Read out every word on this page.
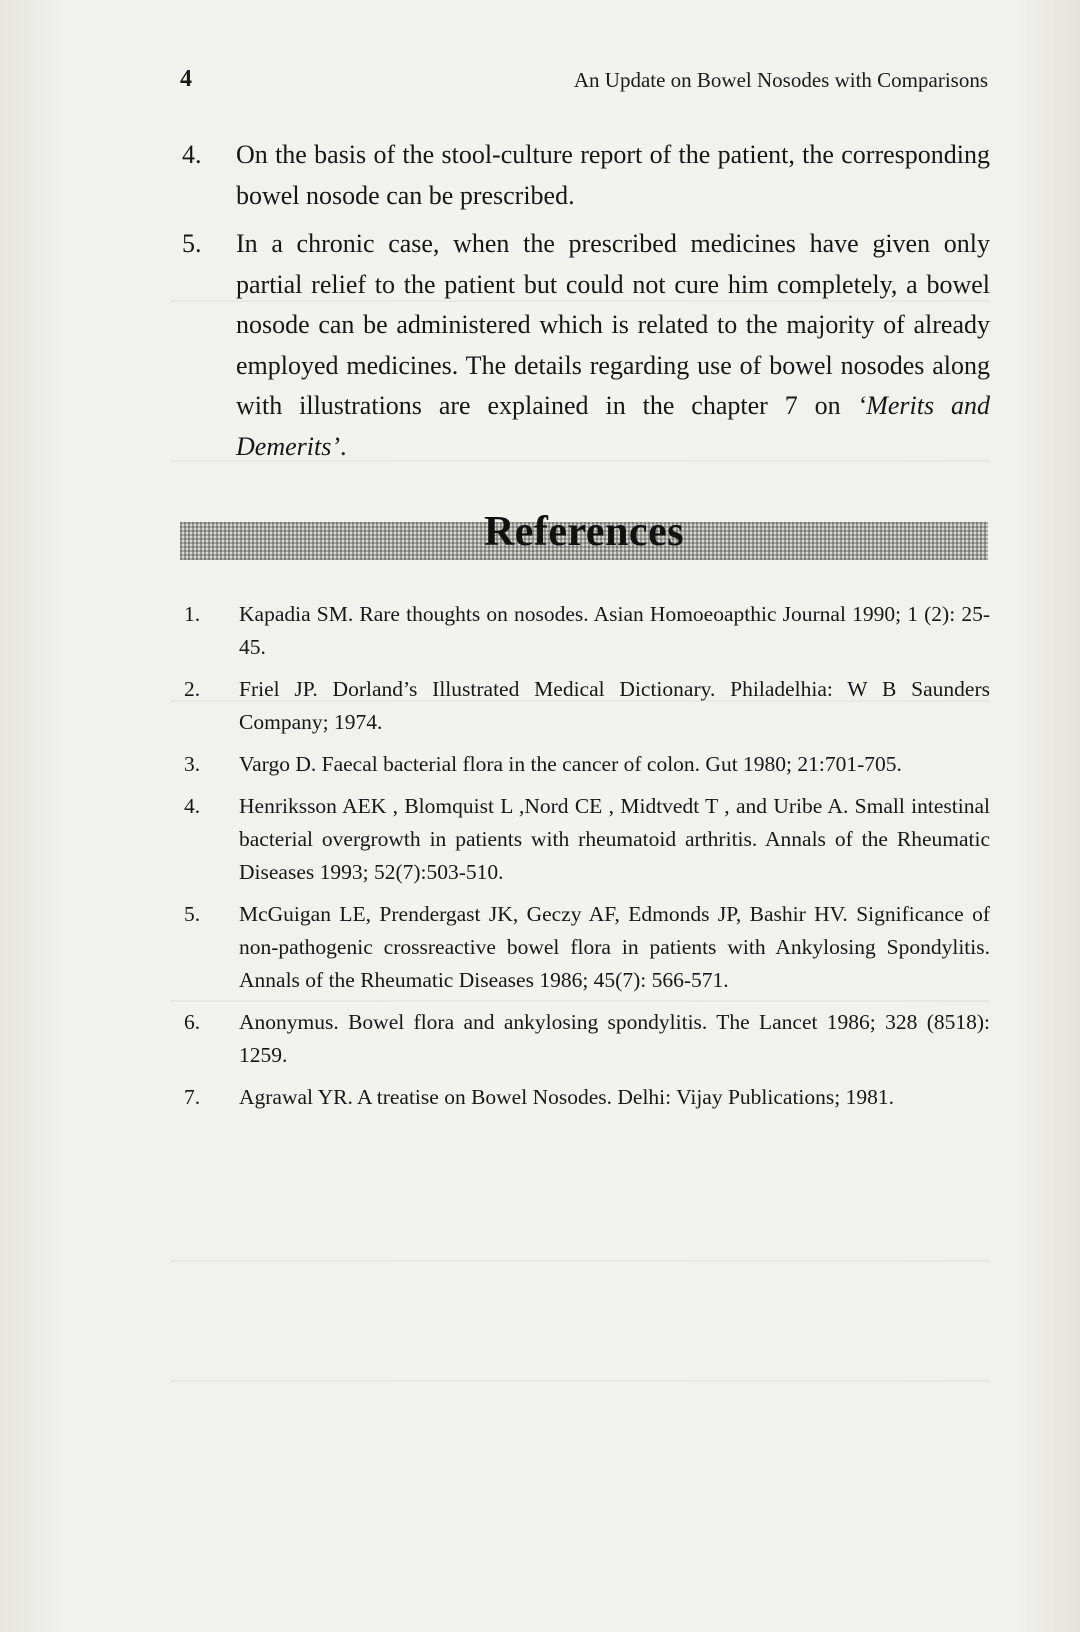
4	An Update on Bowel Nosodes with Comparisons
4. On the basis of the stool-culture report of the patient, the corresponding bowel nosode can be prescribed.
5. In a chronic case, when the prescribed medicines have given only partial relief to the patient but could not cure him completely, a bowel nosode can be administered which is related to the majority of already employed medicines. The details regarding use of bowel nosodes along with illustrations are explained in the chapter 7 on ‘Merits and Demerits’.
References
1. Kapadia SM. Rare thoughts on nosodes. Asian Homoeoapthic Journal 1990; 1 (2): 25-45.
2. Friel JP. Dorland’s Illustrated Medical Dictionary. Philadelhia: W B Saunders Company; 1974.
3. Vargo D. Faecal bacterial flora in the cancer of colon. Gut 1980; 21:701-705.
4. Henriksson AEK , Blomquist L ,Nord CE , Midtvedt T , and Uribe A. Small intestinal bacterial overgrowth in patients with rheumatoid arthritis. Annals of the Rheumatic Diseases 1993; 52(7):503-510.
5. McGuigan LE, Prendergast JK, Geczy AF, Edmonds JP, Bashir HV. Significance of non-pathogenic crossreactive bowel flora in patients with Ankylosing Spondylitis. Annals of the Rheumatic Diseases 1986; 45(7): 566-571.
6. Anonymus. Bowel flora and ankylosing spondylitis. The Lancet 1986; 328 (8518): 1259.
7. Agrawal YR. A treatise on Bowel Nosodes. Delhi: Vijay Publications; 1981.
